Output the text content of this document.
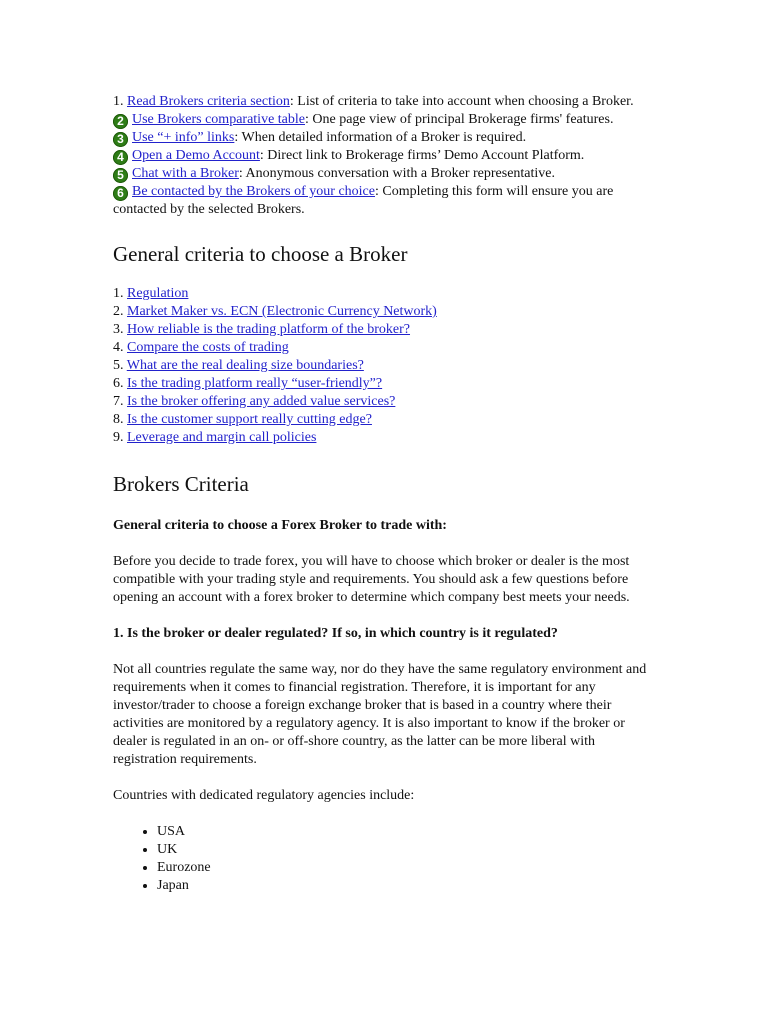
1. Read Brokers criteria section: List of criteria to take into account when choosing a Broker.

2 Use Brokers comparative table: One page view of principal Brokerage firms' features.

3 Use “+ info” links: When detailed information of a Broker is required.

4 Open a Demo Account: Direct link to Brokerage firms’ Demo Account Platform.

5 Chat with a Broker: Anonymous conversation with a Broker representative.

6 Be contacted by the Brokers of your choice: Completing this form will ensure you are contacted by the selected Brokers.

General criteria to choose a Broker
1. Regulation
2. Market Maker vs. ECN (Electronic Currency Network)
3. How reliable is the trading platform of the broker?
4. Compare the costs of trading
5. What are the real dealing size boundaries?
6. Is the trading platform really “user-friendly”?
7. Is the broker offering any added value services?
8. Is the customer support really cutting edge?
9. Leverage and margin call policies
Brokers Criteria

General criteria to choose a Forex Broker to trade with:

Before you decide to trade forex, you will have to choose which broker or dealer is the most compatible with your trading style and requirements. You should ask a few questions before opening an account with a forex broker to determine which company best meets your needs.

1. Is the broker or dealer regulated? If so, in which country is it regulated?

Not all countries regulate the same way, nor do they have the same regulatory environment and requirements when it comes to financial registration. Therefore, it is important for any investor/trader to choose a foreign exchange broker that is based in a country where their activities are monitored by a regulatory agency. It is also important to know if the broker or dealer is regulated in an on- or off-shore country, as the latter can be more liberal with registration requirements.

Countries with dedicated regulatory agencies include:

• USA
• UK
• Eurozone
• Japan
